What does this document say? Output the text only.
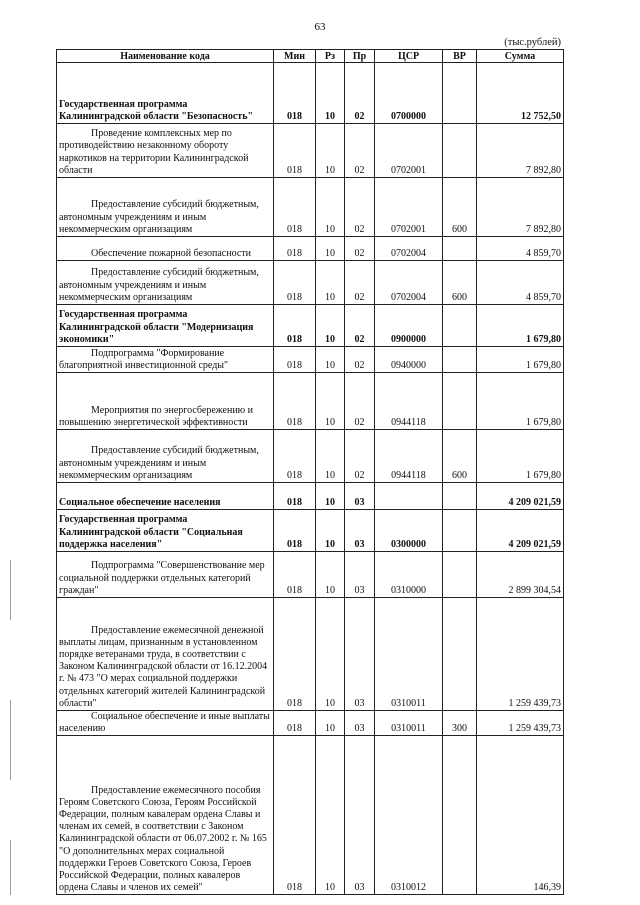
63
(тыс.рублей)
Наименование кода	Мин	Рз	Пр	ЦСР	ВР	Сумма
Государственная программа Калининградской области "Безопасность"	018	10	02	0700000		12 752,50
Проведение комплексных мер по противодействию незаконному обороту наркотиков на территории Калининградской области	018	10	02	0702001		7 892,80
Предоставление субсидий бюджетным, автономным учреждениям и иным некоммерческим организациям	018	10	02	0702001	600	7 892,80
Обеспечение пожарной безопасности	018	10	02	0702004		4 859,70
Предоставление субсидий бюджетным, автономным учреждениям и иным некоммерческим организациям	018	10	02	0702004	600	4 859,70
Государственная программа Калининградской области "Модернизация экономики"	018	10	02	0900000		1 679,80
Подпрограмма "Формирование благоприятной инвестиционной среды"	018	10	02	0940000		1 679,80
Мероприятия по энергосбережению и повышению энергетической эффективности	018	10	02	0944118		1 679,80
Предоставление субсидий бюджетным, автономным учреждениям и иным некоммерческим организациям	018	10	02	0944118	600	1 679,80
Социальное обеспечение населения	018	10	03			4 209 021,59
Государственная программа Калининградской области "Социальная поддержка населения"	018	10	03	0300000		4 209 021,59
Подпрограмма "Совершенствование мер социальной поддержки отдельных категорий граждан"	018	10	03	0310000		2 899 304,54
Предоставление ежемесячной денежной выплаты лицам, признанным в установленном порядке ветеранами труда, в соответствии с Законом Калининградской области от 16.12.2004 г. № 473 "О мерах социальной поддержки отдельных категорий жителей Калининградской области"	018	10	03	0310011		1 259 439,73
Социальное обеспечение и иные выплаты населению	018	10	03	0310011	300	1 259 439,73
Предоставление ежемесячного пособия Героям Советского Союза, Героям Российской Федерации, полным кавалерам ордена Славы и членам их семей, в соответствии с Законом Калининградской области от 06.07.2002 г. № 165 "О дополнительных мерах социальной поддержки Героев Советского Союза, Героев Российской Федерации, полных кавалеров ордена Славы и членов их семей"	018	10	03	0310012		146,39
